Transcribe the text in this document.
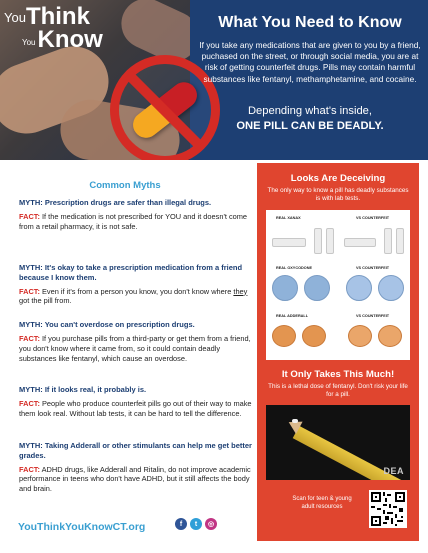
YouThink
YouKnow
What You Need to Know
If you take any medications that are given to you by a friend, puchased on the street, or through social media, you are at risk of getting counterfeit drugs. Pills may contain harmful substances like fentanyl, methamphetamine, and cocaine.
Depending what's inside,
ONE PILL CAN BE DEADLY.
Common Myths
MYTH: Prescription drugs are safer than illegal drugs.
FACT: If the medication is not prescribed for YOU and it doesn't come from a retail pharmacy, it is not safe.
MYTH: It's okay to take a prescription medication from a friend because I know them.
FACT: Even if it's from a person you know, you don't know where they got the pill from.
MYTH: You can't overdose on prescription drugs.
FACT: If you purchase pills from a third-party or get them from a friend, you don't know where it came from, so it could contain deadly substances like fentanyl, which cause an overdose.
MYTH: If it looks real, it probably is.
FACT: People who produce counterfeit pills go out of their way to make them look real. Without lab tests, it can be hard to tell the difference.
MYTH: Taking Adderall or other stimulants can help me get better grades.
FACT: ADHD drugs, like Adderall and Ritalin, do not improve academic performance in teens who don't have ADHD, but it still affects the body and brain.
Looks Are Deceiving
The only way to know a pill has deadly substances is with lab tests.
REAL XANAX	VS COUNTERFEIT
REAL OXYCODONE	VS COUNTERFEIT
REAL ADDERALL	VS COUNTERFEIT
It Only Takes This Much!
This is a lethal dose of fentanyl. Don't risk your life for a pill.
DEA
Scan for teen & young adult resources
YouThinkYouKnowCT.org	f	t	◎
